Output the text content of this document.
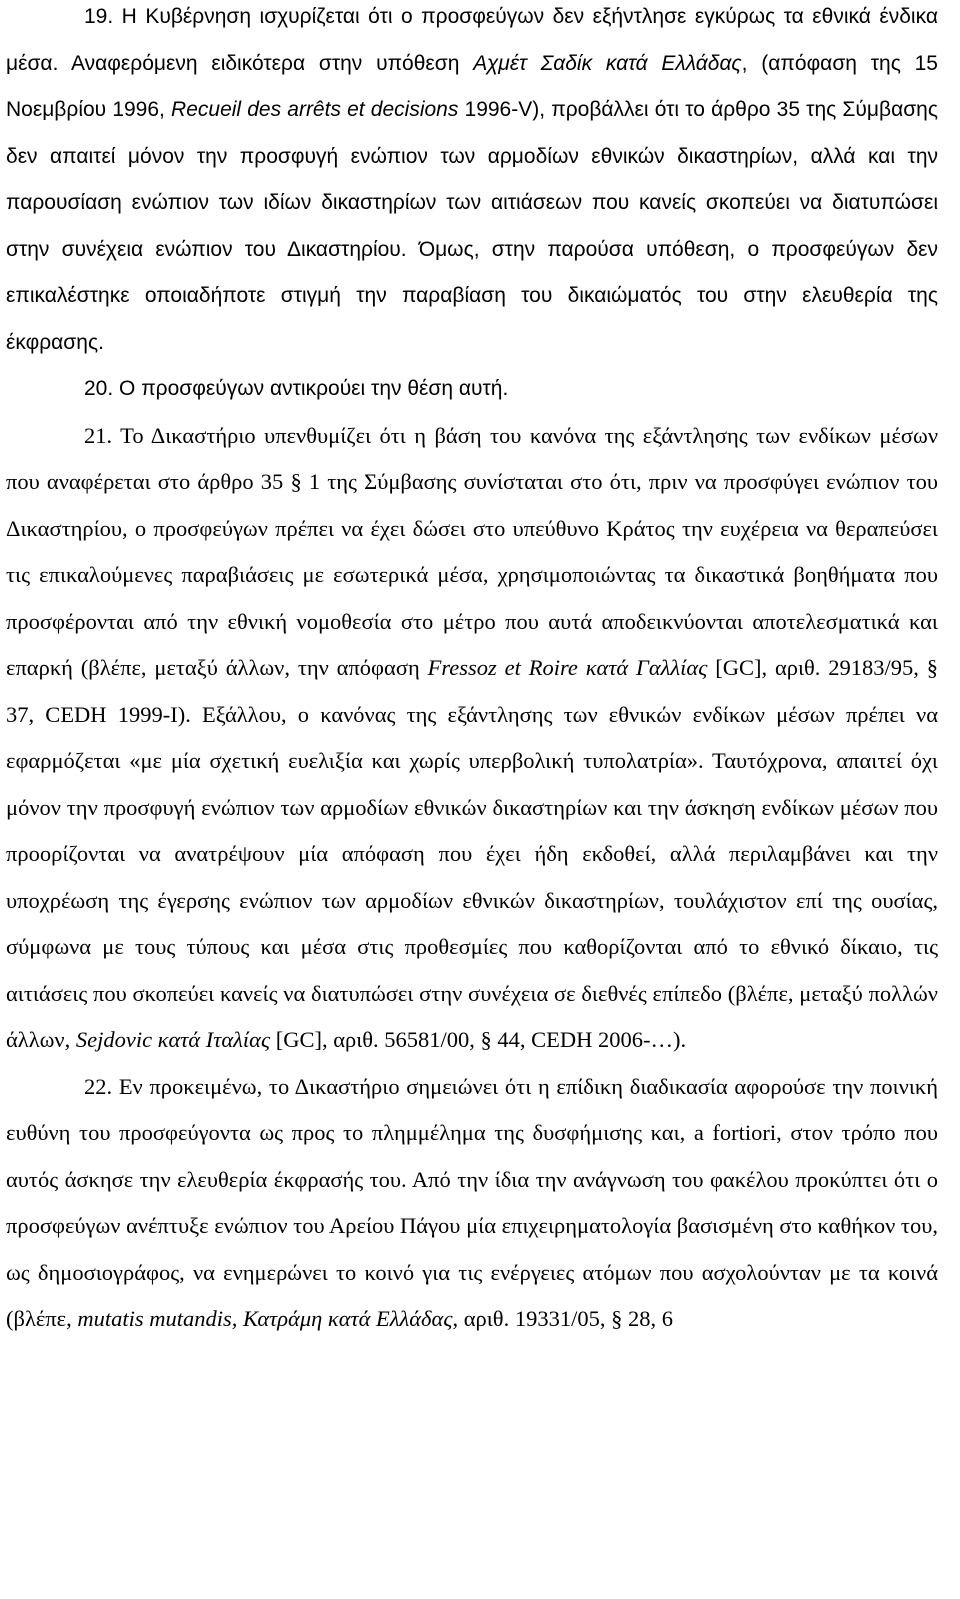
19. Η Κυβέρνηση ισχυρίζεται ότι ο προσφεύγων δεν εξήντλησε εγκύρως τα εθνικά ένδικα μέσα. Αναφερόμενη ειδικότερα στην υπόθεση Αχμέτ Σαδίκ κατά Ελλάδας, (απόφαση της 15 Νοεμβρίου 1996, Recueil des arrêts et decisions 1996-V), προβάλλει ότι το άρθρο 35 της Σύμβασης δεν απαιτεί μόνον την προσφυγή ενώπιον των αρμοδίων εθνικών δικαστηρίων, αλλά και την παρουσίαση ενώπιον των ιδίων δικαστηρίων των αιτιάσεων που κανείς σκοπεύει να διατυπώσει στην συνέχεια ενώπιον του Δικαστηρίου. Όμως, στην παρούσα υπόθεση, ο προσφεύγων δεν επικαλέστηκε οποιαδήποτε στιγμή την παραβίαση του δικαιώματός του στην ελευθερία της έκφρασης.

20. Ο προσφεύγων αντικρούει την θέση αυτή.

21. Το Δικαστήριο υπενθυμίζει ότι η βάση του κανόνα της εξάντλησης των ενδίκων μέσων που αναφέρεται στο άρθρο 35 § 1 της Σύμβασης συνίσταται στο ότι, πριν να προσφύγει ενώπιον του Δικαστηρίου, ο προσφεύγων πρέπει να έχει δώσει στο υπεύθυνο Κράτος την ευχέρεια να θεραπεύσει τις επικαλούμενες παραβιάσεις με εσωτερικά μέσα, χρησιμοποιώντας τα δικαστικά βοηθήματα που προσφέρονται από την εθνική νομοθεσία στο μέτρο που αυτά αποδεικνύονται αποτελεσματικά και επαρκή (βλέπε, μεταξύ άλλων, την απόφαση Fressoz et Roire κατά Γαλλίας [GC], αριθ. 29183/95, § 37, CEDH 1999-I). Εξάλλου, ο κανόνας της εξάντλησης των εθνικών ενδίκων μέσων πρέπει να εφαρμόζεται «με μία σχετική ευελιξία και χωρίς υπερβολική τυπολατρία». Ταυτόχρονα, απαιτεί όχι μόνον την προσφυγή ενώπιον των αρμοδίων εθνικών δικαστηρίων και την άσκηση ενδίκων μέσων που προορίζονται να ανατρέψουν μία απόφαση που έχει ήδη εκδοθεί, αλλά περιλαμβάνει και την υποχρέωση της έγερσης ενώπιον των αρμοδίων εθνικών δικαστηρίων, τουλάχιστον επί της ουσίας, σύμφωνα με τους τύπους και μέσα στις προθεσμίες που καθορίζονται από το εθνικό δίκαιο, τις αιτιάσεις που σκοπεύει κανείς να διατυπώσει στην συνέχεια σε διεθνές επίπεδο (βλέπε, μεταξύ πολλών άλλων, Sejdovic κατά Ιταλίας [GC], αριθ. 56581/00, § 44, CEDH 2006-…).

22. Εν προκειμένω, το Δικαστήριο σημειώνει ότι η επίδικη διαδικασία αφορούσε την ποινική ευθύνη του προσφεύγοντα ως προς το πλημμέλημα της δυσφήμισης και, a fortiori, στον τρόπο που αυτός άσκησε την ελευθερία έκφρασής του. Από την ίδια την ανάγνωση του φακέλου προκύπτει ότι ο προσφεύγων ανέπτυξε ενώπιον του Αρείου Πάγου μία επιχειρηματολογία βασισμένη στο καθήκον του, ως δημοσιογράφος, να ενημερώνει το κοινό για τις ενέργειες ατόμων που ασχολούνταν με τα κοινά (βλέπε, mutatis mutandis, Κατράμη κατά Ελλάδας, αριθ. 19331/05, § 28, 6
